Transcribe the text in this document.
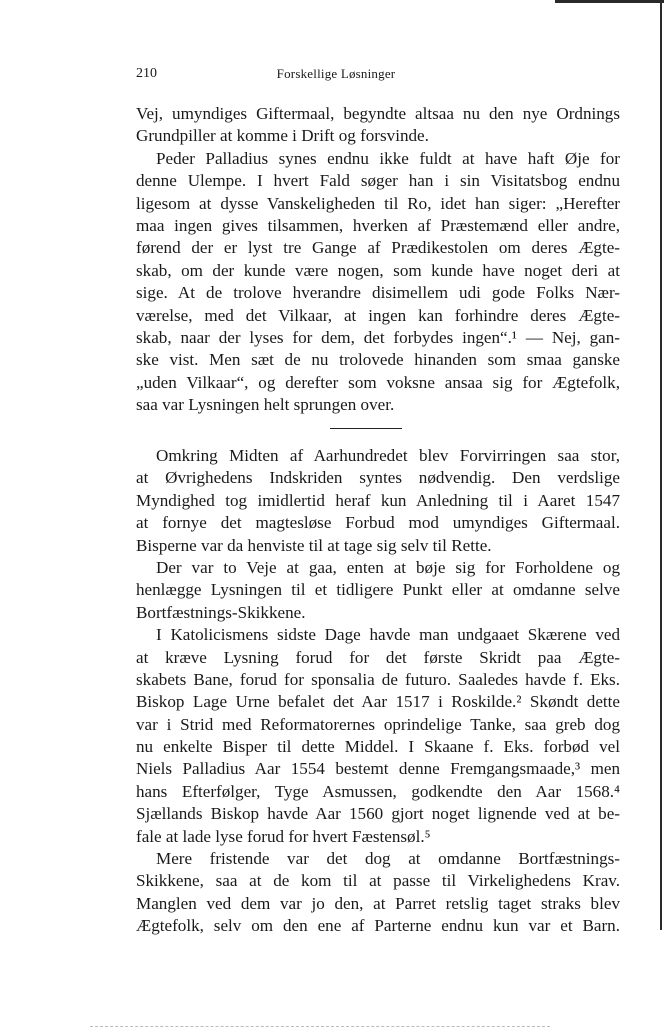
210	Forskellige Løsninger
Vej, umyndiges Giftermaal, begyndte altsaa nu den nye Ordnings
Grundpiller at komme i Drift og forsvinde.
Peder Palladius synes endnu ikke fuldt at have haft Øje for
denne Ulempe. I hvert Fald søger han i sin Visitatsbog endnu
ligesom at dysse Vanskeligheden til Ro, idet han siger: „Herefter
maa ingen gives tilsammen, hverken af Præstemænd eller andre,
førend der er lyst tre Gange af Prædikestolen om deres Ægte-
skab, om der kunde være nogen, som kunde have noget deri at
sige. At de trolove hverandre disimellem udi gode Folks Nær-
værelse, med det Vilkaar, at ingen kan forhindre deres Ægte-
skab, naar der lyses for dem, det forbydes ingen“.¹ — Nej, gan-
ske vist. Men sæt de nu trolovede hinanden som smaa ganske
„uden Vilkaar“, og derefter som voksne ansaa sig for Ægtefolk,
saa var Lysningen helt sprungen over.
Omkring Midten af Aarhundredet blev Forvirringen saa stor,
at Øvrighedens Indskriden syntes nødvendig. Den verdslige
Myndighed tog imidlertid heraf kun Anledning til i Aaret 1547
at fornye det magtesløse Forbud mod umyndiges Giftermaal.
Bisperne var da henviste til at tage sig selv til Rette.
Der var to Veje at gaa, enten at bøje sig for Forholdene og
henlægge Lysningen til et tidligere Punkt eller at omdanne selve
Bortfæstnings-Skikkene.
I Katolicismens sidste Dage havde man undgaaet Skærene ved
at kræve Lysning forud for det første Skridt paa Ægte-
skabets Bane, forud for sponsalia de futuro. Saaledes havde f. Eks.
Biskop Lage Urne befalet det Aar 1517 i Roskilde.² Skøndt dette
var i Strid med Reformatorernes oprindelige Tanke, saa greb dog
nu enkelte Bisper til dette Middel. I Skaane f. Eks. forbød vel
Niels Palladius Aar 1554 bestemt denne Fremgangsmaade,³ men
hans Efterfølger, Tyge Asmussen, godkendte den Aar 1568.⁴
Sjællands Biskop havde Aar 1560 gjort noget lignende ved at be-
fale at lade lyse forud for hvert Fæstensøl.⁵
Mere fristende var det dog at omdanne Bortfæstnings-
Skikkene, saa at de kom til at passe til Virkelighedens Krav.
Manglen ved dem var jo den, at Parret retslig taget straks blev
Ægtefolk, selv om den ene af Parterne endnu kun var et Barn.
